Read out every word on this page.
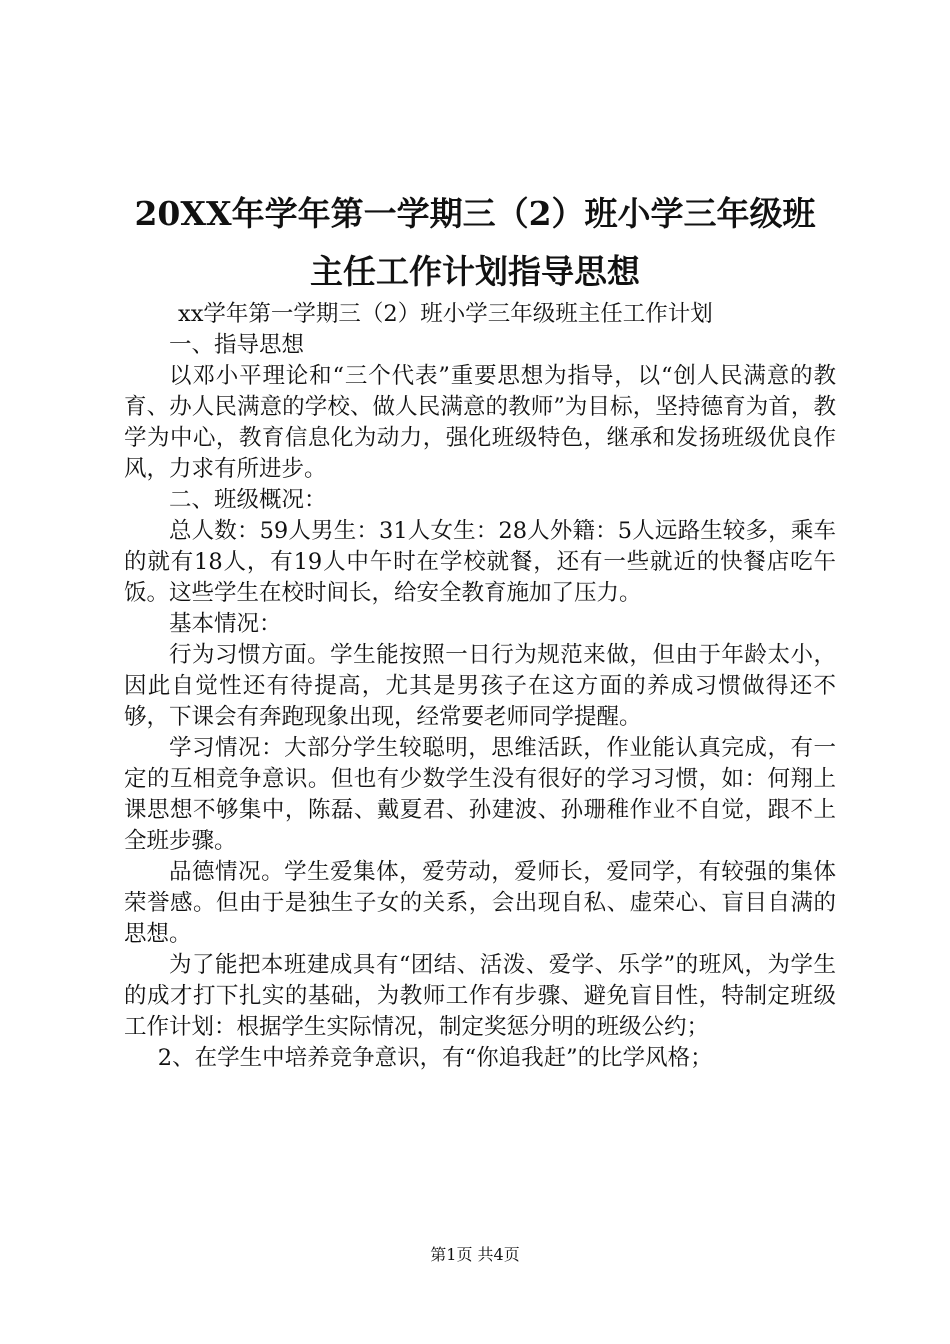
20XX年学年第一学期三（2）班小学三年级班
主任工作计划指导思想

xx学年第一学期三（2）班小学三年级班主任工作计划

一、指导思想

以邓小平理论和“三个代表”重要思想为指导，以“创人民满意的教育、办人民满意的学校、做人民满意的教师”为目标，坚持德育为首，教学为中心，教育信息化为动力，强化班级特色，继承和发扬班级优良作风，力求有所进步。

二、班级概况：

总人数：59人男生：31人女生：28人外籍：5人远路生较多，乘车的就有18人，有19人中午时在学校就餐，还有一些就近的快餐店吃午饭。这些学生在校时间长，给安全教育施加了压力。

基本情况：

行为习惯方面。学生能按照一日行为规范来做，但由于年龄太小，因此自觉性还有待提高，尤其是男孩子在这方面的养成习惯做得还不够，下课会有奔跑现象出现，经常要老师同学提醒。

学习情况：大部分学生较聪明，思维活跃，作业能认真完成，有一定的互相竞争意识。但也有少数学生没有很好的学习习惯，如：何翔上课思想不够集中，陈磊、戴夏君、孙建波、孙珊稚作业不自觉，跟不上全班步骤。

品德情况。学生爱集体，爱劳动，爱师长，爱同学，有较强的集体荣誉感。但由于是独生子女的关系，会出现自私、虚荣心、盲目自满的思想。

为了能把本班建成具有“团结、活泼、爱学、乐学”的班风，为学生的成才打下扎实的基础，为教师工作有步骤、避免盲目性，特制定班级工作计划：根据学生实际情况，制定奖惩分明的班级公约；

2、在学生中培养竞争意识，有“你追我赶”的比学风格；

第1页 共4页
